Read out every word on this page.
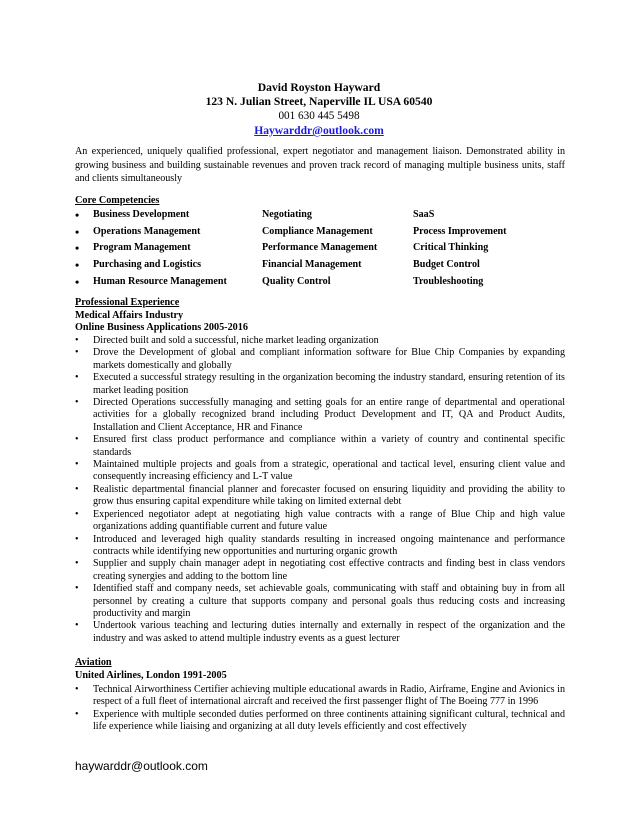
David Royston Hayward
123 N. Julian Street, Naperville IL USA 60540
001 630 445 5498
Haywarddr@outlook.com
An experienced, uniquely qualified professional, expert negotiator and management liaison. Demonstrated ability in growing business and building sustainable revenues and proven track record of managing multiple business units, staff and clients simultaneously
Core Competencies
• Business Development	Negotiating	SaaS
• Operations Management	Compliance Management	Process Improvement
• Program Management	Performance Management	Critical Thinking
• Purchasing and Logistics	Financial Management	Budget Control
• Human Resource Management	Quality Control	Troubleshooting
Professional Experience
Medical Affairs Industry
Online Business Applications 2005-2016
• Directed built and sold a successful, niche market leading organization
• Drove the Development of global and compliant information software for Blue Chip Companies by expanding markets domestically and globally
• Executed a successful strategy resulting in the organization becoming the industry standard, ensuring retention of its market leading position
• Directed Operations successfully managing and setting goals for an entire range of departmental and operational activities for a globally recognized brand including Product Development and IT, QA and Product Audits, Installation and Client Acceptance, HR and Finance
• Ensured first class product performance and compliance within a variety of country and continental specific standards
• Maintained multiple projects and goals from a strategic, operational and tactical level, ensuring client value and consequently increasing efficiency and L-T value
• Realistic departmental financial planner and forecaster focused on ensuring liquidity and providing the ability to grow thus ensuring capital expenditure while taking on limited external debt
• Experienced negotiator adept at negotiating high value contracts with a range of Blue Chip and high value organizations adding quantifiable current and future value
• Introduced and leveraged high quality standards resulting in increased ongoing maintenance and performance contracts while identifying new opportunities and nurturing organic growth
• Supplier and supply chain manager adept in negotiating cost effective contracts and finding best in class vendors creating synergies and adding to the bottom line
• Identified staff and company needs, set achievable goals, communicating with staff and obtaining buy in from all personnel by creating a culture that supports company and personal goals thus reducing costs and increasing productivity and margin
• Undertook various teaching and lecturing duties internally and externally in respect of the organization and the industry and was asked to attend multiple industry events as a guest lecturer
Aviation
United Airlines, London 1991-2005
• Technical Airworthiness Certifier achieving multiple educational awards in Radio, Airframe, Engine and Avionics in respect of a full fleet of international aircraft and received the first passenger flight of The Boeing 777 in 1996
• Experience with multiple seconded duties performed on three continents attaining significant cultural, technical and life experience while liaising and organizing at all duty levels efficiently and cost effectively
haywarddr@outlook.com
